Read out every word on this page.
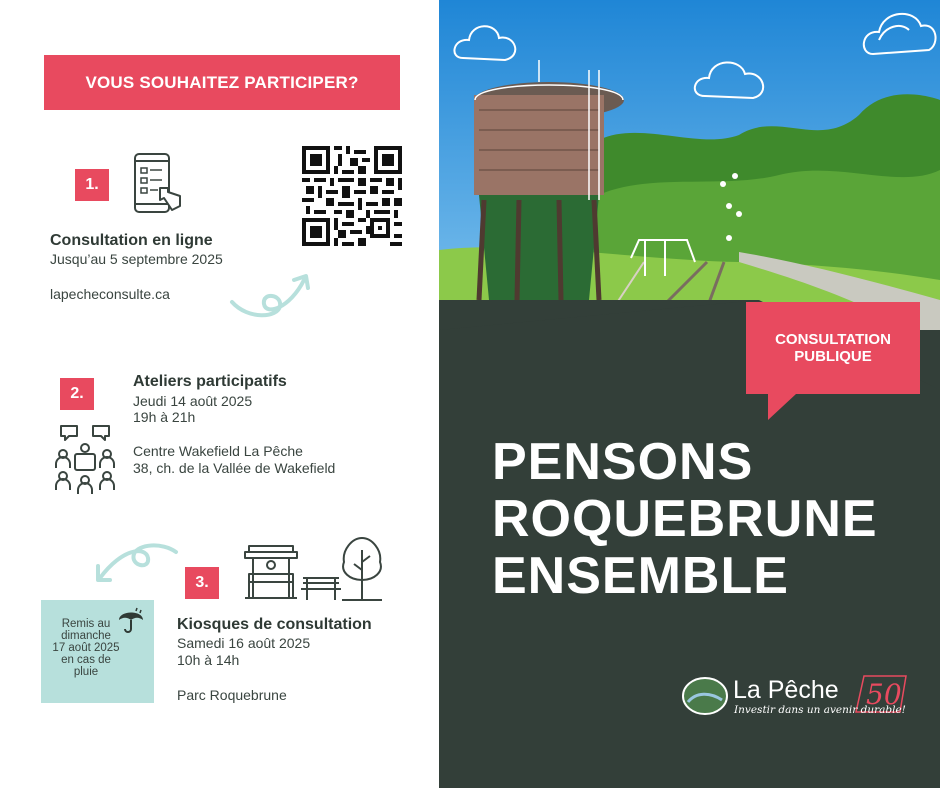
VOUS SOUHAITEZ PARTICIPER?
1.
Consultation en ligne
Jusqu’au 5 septembre 2025
lapecheconsulte.ca
2.
Ateliers participatifs
Jeudi 14 août 2025
19h à 21h
Centre Wakefield La Pêche
38, ch. de la Vallée de Wakefield
3.
Kiosques de consultation
Samedi 16 août 2025
10h à 14h
Parc Roquebrune
Remis au
dimanche
17 août 2025
en cas de
pluie
CONSULTATION
PUBLIQUE
PENSONS
ROQUEBRUNE
ENSEMBLE
50
La Pêche
Investir dans un avenir durable!
